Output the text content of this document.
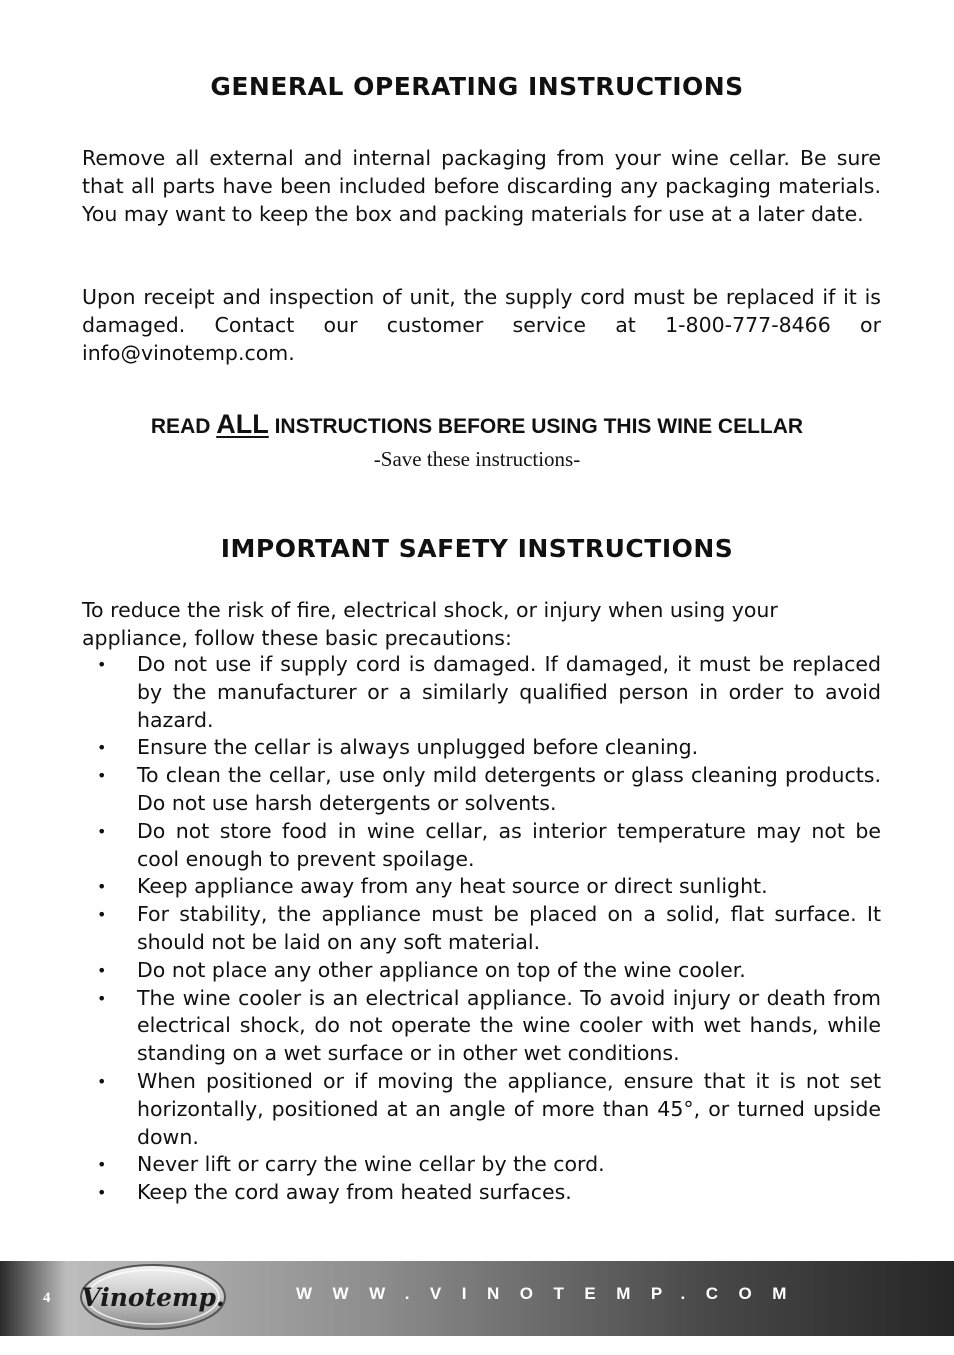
GENERAL OPERATING INSTRUCTIONS

Remove all external and internal packaging from your wine cellar. Be sure that all parts have been included before discarding any packaging materials. You may want to keep the box and packing materials for use at a later date.

Upon receipt and inspection of unit, the supply cord must be replaced if it is damaged. Contact our customer service at 1-800-777-8466 or info@vinotemp.com.

READ ALL INSTRUCTIONS BEFORE USING THIS WINE CELLAR
-Save these instructions-
IMPORTANT SAFETY INSTRUCTIONS

To reduce the risk of fire, electrical shock, or injury when using your appliance, follow these basic precautions:

• Do not use if supply cord is damaged. If damaged, it must be replaced by the manufacturer or a similarly qualified person in order to avoid hazard.
• Ensure the cellar is always unplugged before cleaning.
• To clean the cellar, use only mild detergents or glass cleaning products. Do not use harsh detergents or solvents.
• Do not store food in wine cellar, as interior temperature may not be cool enough to prevent spoilage.
• Keep appliance away from any heat source or direct sunlight.
• For stability, the appliance must be placed on a solid, flat surface. It should not be laid on any soft material.
• Do not place any other appliance on top of the wine cooler.
• The wine cooler is an electrical appliance. To avoid injury or death from electrical shock, do not operate the wine cooler with wet hands, while standing on a wet surface or in other wet conditions.
• When positioned or if moving the appliance, ensure that it is not set horizontally, positioned at an angle of more than 45°, or turned upside down.
• Never lift or carry the wine cellar by the cord.
• Keep the cord away from heated surfaces.
4 Vinotemp.	WWW.VINOTEMP.COM
